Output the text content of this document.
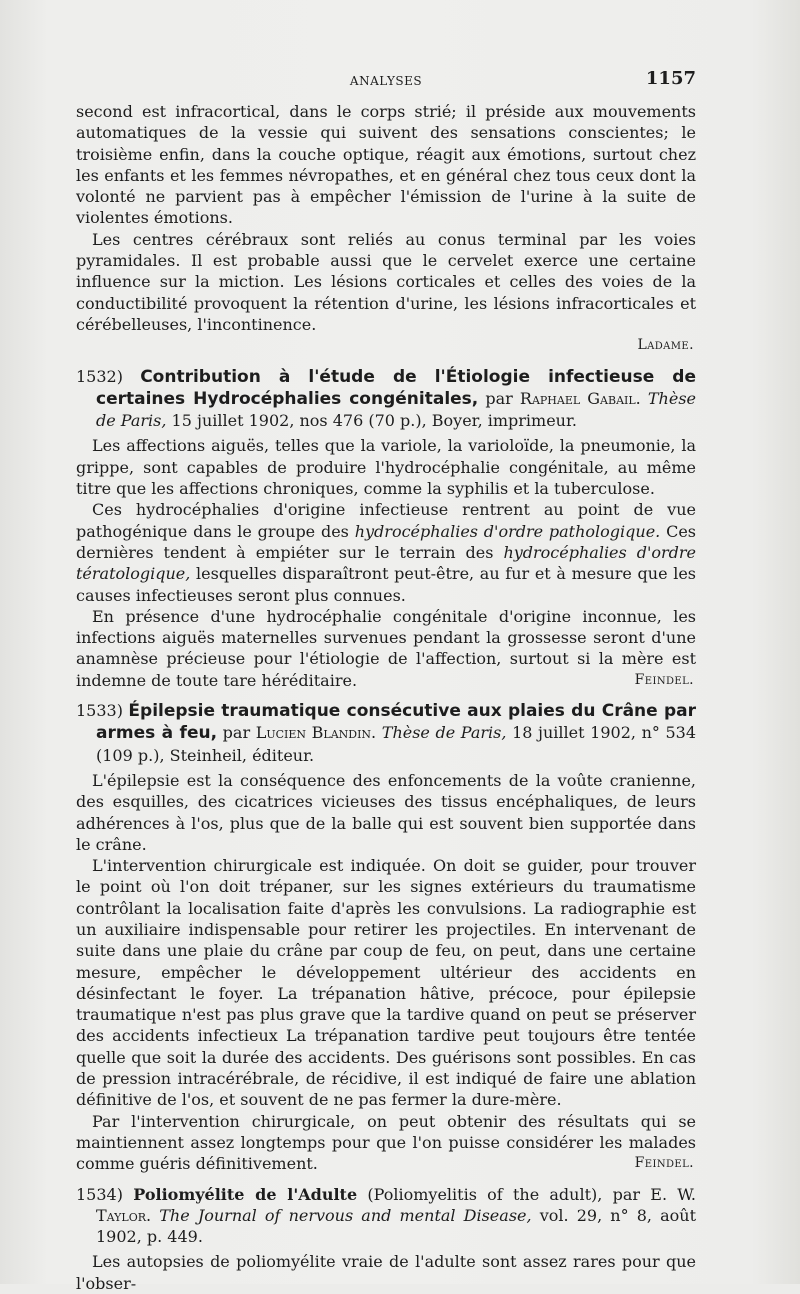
ANALYSES	1157

second est infracortical, dans le corps strié; il préside aux mouvements automatiques de la vessie qui suivent des sensations conscientes; le troisième enfin, dans la couche optique, réagit aux émotions, surtout chez les enfants et les femmes névropathes, et en général chez tous ceux dont la volonté ne parvient pas à empêcher l'émission de l'urine à la suite de violentes émotions.

Les centres cérébraux sont reliés au conus terminal par les voies pyramidales. Il est probable aussi que le cervelet exerce une certaine influence sur la miction. Les lésions corticales et celles des voies de la conductibilité provoquent la rétention d'urine, les lésions infracorticales et cérébelleuses, l'incontinence.

Ladame.

1532) Contribution à l'étude de l'Étiologie infectieuse de certaines Hydrocéphalies congénitales, par Raphael Gabail. Thèse de Paris, 15 juillet 1902, nos 476 (70 p.), Boyer, imprimeur.

Les affections aiguës, telles que la variole, la varioloïde, la pneumonie, la grippe, sont capables de produire l'hydrocéphalie congénitale, au même titre que les affections chroniques, comme la syphilis et la tuberculose.

Ces hydrocéphalies d'origine infectieuse rentrent au point de vue pathogénique dans le groupe des hydrocéphalies d'ordre pathologique. Ces dernières tendent à empiéter sur le terrain des hydrocéphalies d'ordre tératologique, lesquelles disparaîtront peut-être, au fur et à mesure que les causes infectieuses seront plus connues.

En présence d'une hydrocéphalie congénitale d'origine inconnue, les infections aiguës maternelles survenues pendant la grossesse seront d'une anamnèse précieuse pour l'étiologie de l'affection, surtout si la mère est indemne de toute tare héréditaire.	Feindel.

1533) Épilepsie traumatique consécutive aux plaies du Crâne par armes à feu, par Lucien Blandin. Thèse de Paris, 18 juillet 1902, n° 534 (109 p.), Steinheil, éditeur.

L'épilepsie est la conséquence des enfoncements de la voûte cranienne, des esquilles, des cicatrices vicieuses des tissus encéphaliques, de leurs adhérences à l'os, plus que de la balle qui est souvent bien supportée dans le crâne.

L'intervention chirurgicale est indiquée. On doit se guider, pour trouver le point où l'on doit trépaner, sur les signes extérieurs du traumatisme contrôlant la localisation faite d'après les convulsions. La radiographie est un auxiliaire indispensable pour retirer les projectiles. En intervenant de suite dans une plaie du crâne par coup de feu, on peut, dans une certaine mesure, empêcher le développement ultérieur des accidents en désinfectant le foyer. La trépanation hâtive, précoce, pour épilepsie traumatique n'est pas plus grave que la tardive quand on peut se préserver des accidents infectieux La trépanation tardive peut toujours être tentée quelle que soit la durée des accidents. Des guérisons sont possibles. En cas de pression intracérébrale, de récidive, il est indiqué de faire une ablation définitive de l'os, et souvent de ne pas fermer la dure-mère.

Par l'intervention chirurgicale, on peut obtenir des résultats qui se maintiennent assez longtemps pour que l'on puisse considérer les malades comme guéris définitivement.	Feindel.

1534) Poliomyélite de l'Adulte (Poliomyelitis of the adult), par E. W. Taylor. The Journal of nervous and mental Disease, vol. 29, n° 8, août 1902, p. 449.

Les autopsies de poliomyélite vraie de l'adulte sont assez rares pour que l'obser-
